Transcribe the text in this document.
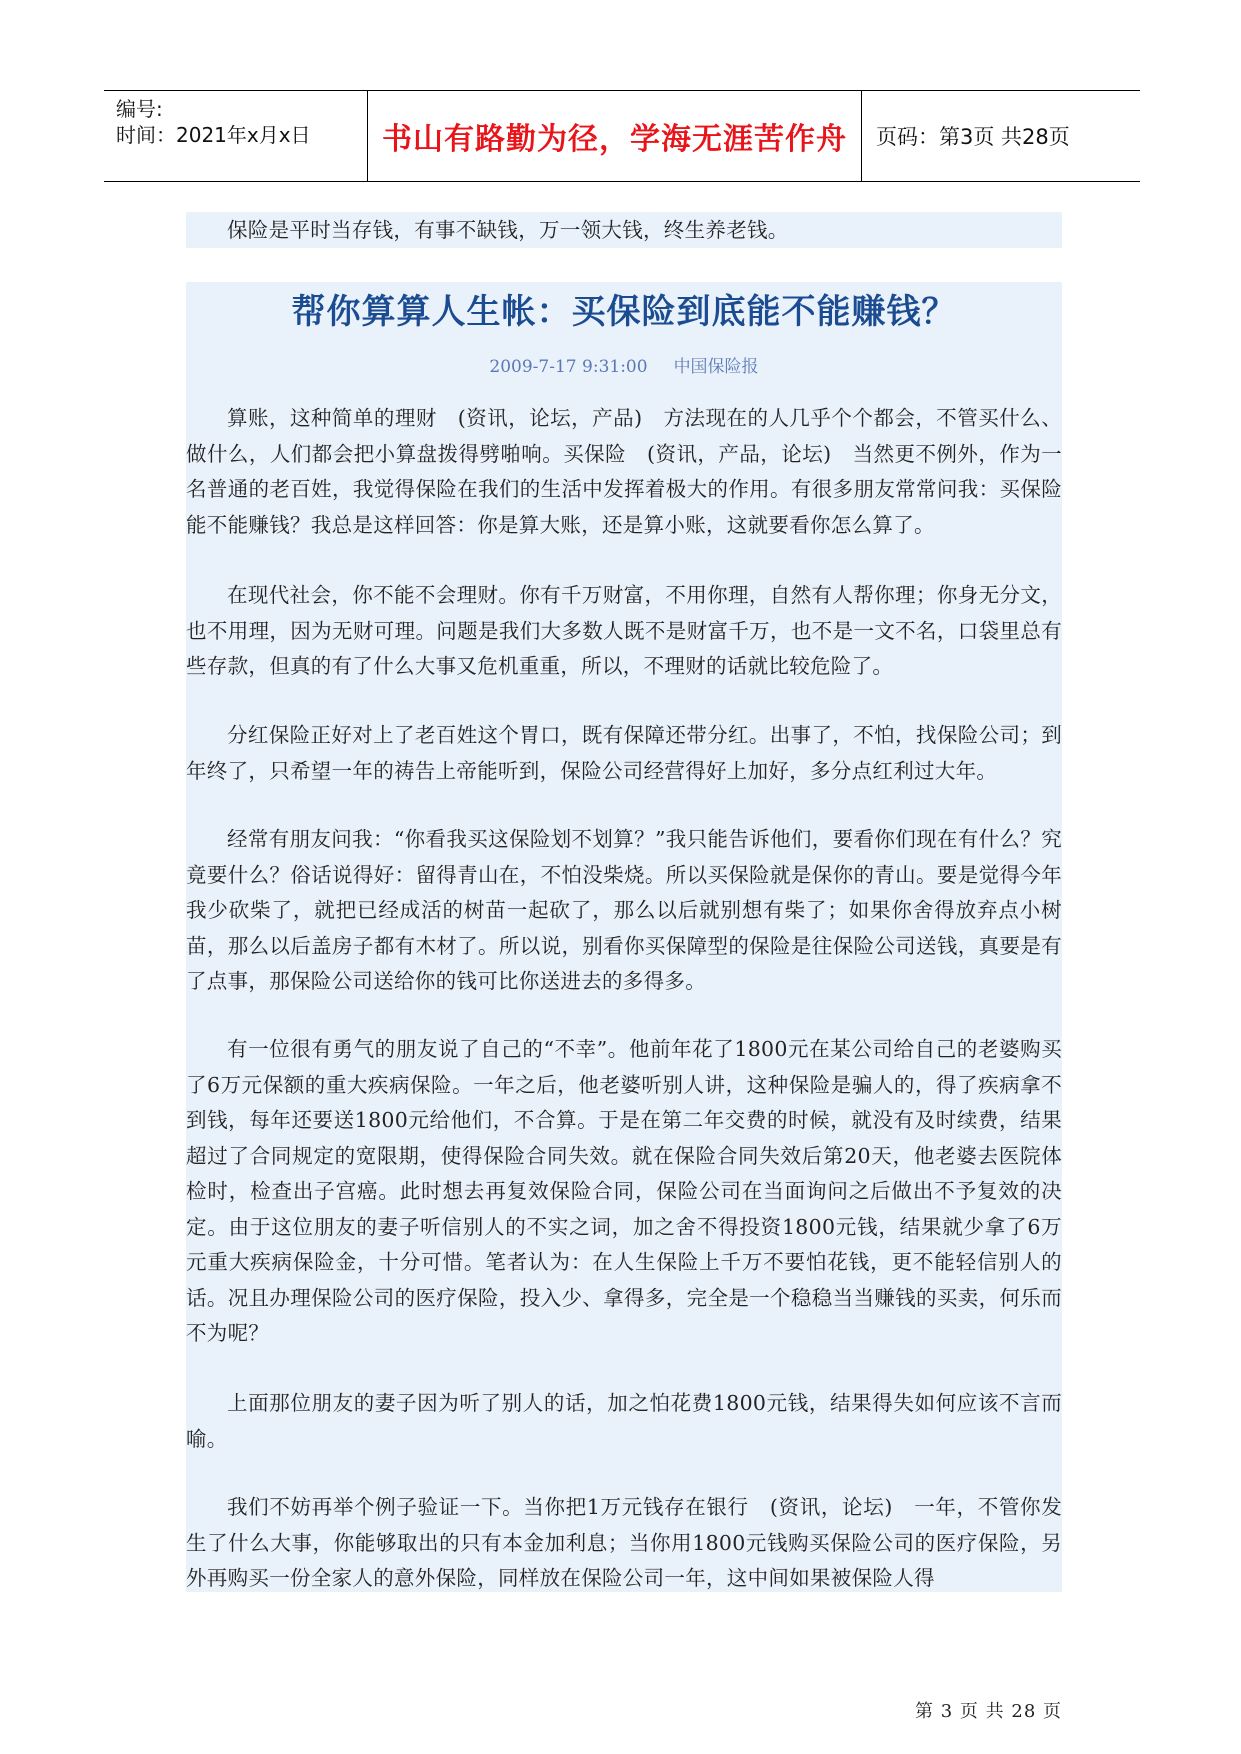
编号:
时间：2021年x月x日 书山有路勤为径，学海无涯苦作舟 页码：第3页 共28页

保险是平时当存钱，有事不缺钱，万一领大钱，终生养老钱。

帮你算算人生帐：买保险到底能不能赚钱？
2009-7-17 9:31:00 中国保险报

算账，这种简单的理财　(资讯，论坛，产品)　方法现在的人几乎个个都会，不管买什么、做什么，人们都会把小算盘拨得劈啪响。买保险　(资讯，产品，论坛)　当然更不例外，作为一名普通的老百姓，我觉得保险在我们的生活中发挥着极大的作用。有很多朋友常常问我：买保险能不能赚钱？我总是这样回答：你是算大账，还是算小账，这就要看你怎么算了。

在现代社会，你不能不会理财。你有千万财富，不用你理，自然有人帮你理；你身无分文，也不用理，因为无财可理。问题是我们大多数人既不是财富千万，也不是一文不名，口袋里总有些存款，但真的有了什么大事又危机重重，所以，不理财的话就比较危险了。

分红保险正好对上了老百姓这个胃口，既有保障还带分红。出事了，不怕，找保险公司；到年终了，只希望一年的祷告上帝能听到，保险公司经营得好上加好，多分点红利过大年。

经常有朋友问我：“你看我买这保险划不划算？”我只能告诉他们，要看你们现在有什么？究竟要什么？俗话说得好：留得青山在，不怕没柴烧。所以买保险就是保你的青山。要是觉得今年我少砍柴了，就把已经成活的树苗一起砍了，那么以后就别想有柴了；如果你舍得放弃点小树苗，那么以后盖房子都有木材了。所以说，别看你买保障型的保险是往保险公司送钱，真要是有了点事，那保险公司送给你的钱可比你送进去的多得多。

有一位很有勇气的朋友说了自己的“不幸”。他前年花了1800元在某公司给自己的老婆购买了6万元保额的重大疾病保险。一年之后，他老婆听别人讲，这种保险是骗人的，得了疾病拿不到钱，每年还要送1800元给他们，不合算。于是在第二年交费的时候，就没有及时续费，结果超过了合同规定的宽限期，使得保险合同失效。就在保险合同失效后第20天，他老婆去医院体检时，检查出子宫癌。此时想去再复效保险合同，保险公司在当面询问之后做出不予复效的决定。由于这位朋友的妻子听信别人的不实之词，加之舍不得投资1800元钱，结果就少拿了6万元重大疾病保险金，十分可惜。笔者认为：在人生保险上千万不要怕花钱，更不能轻信别人的话。况且办理保险公司的医疗保险，投入少、拿得多，完全是一个稳稳当当赚钱的买卖，何乐而不为呢？

上面那位朋友的妻子因为听了别人的话，加之怕花费1800元钱，结果得失如何应该不言而喻。

我们不妨再举个例子验证一下。当你把1万元钱存在银行　(资讯，论坛)　一年，不管你发生了什么大事，你能够取出的只有本金加利息；当你用1800元钱购买保险公司的医疗保险，另外再购买一份全家人的意外保险，同样放在保险公司一年，这中间如果被保险人得

第 3 页 共 28 页
